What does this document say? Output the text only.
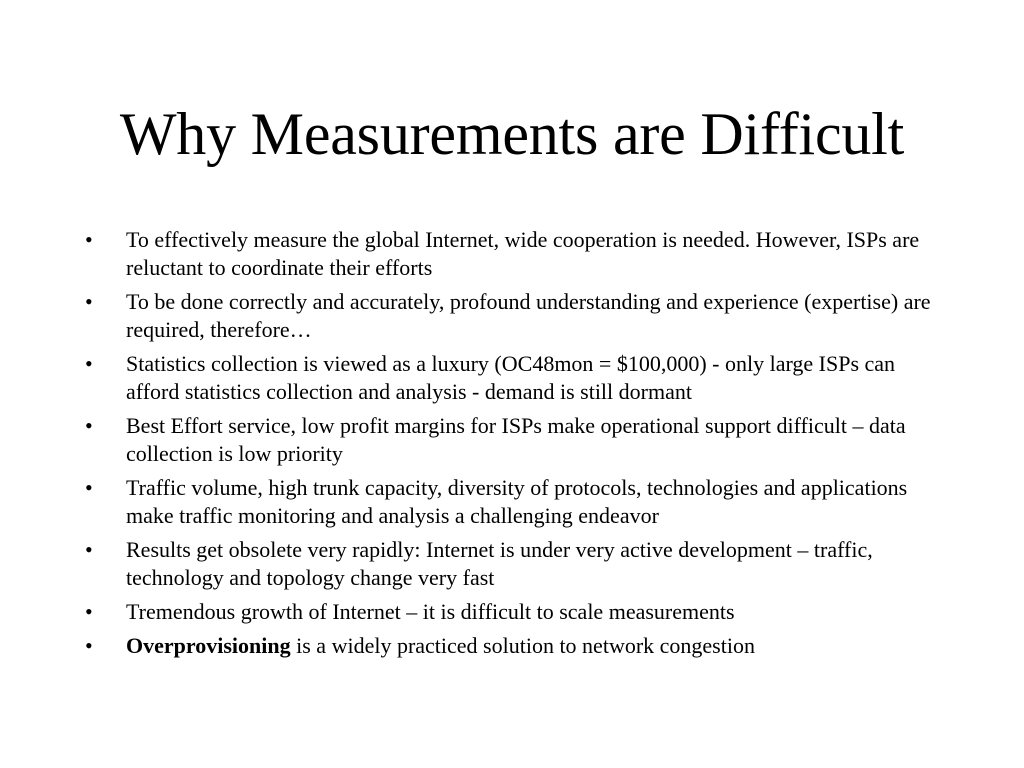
Why Measurements are Difficult
•	To effectively measure the global Internet, wide cooperation is needed. However, ISPs are reluctant to coordinate their efforts
•	To be done correctly and accurately, profound understanding and experience (expertise) are required, therefore…
•	Statistics collection is viewed as a luxury (OC48mon = $100,000) - only large ISPs can afford statistics collection and analysis - demand is still dormant
•	Best Effort service, low profit margins for ISPs make operational support difficult – data collection is low priority
•	Traffic volume, high trunk capacity, diversity of protocols, technologies and applications make traffic monitoring and analysis a challenging endeavor
•	Results get obsolete very rapidly: Internet is under very active development – traffic, technology and topology change very fast
•	Tremendous growth of Internet – it is difficult to scale measurements
•	Overprovisioning is a widely practiced solution to network congestion
